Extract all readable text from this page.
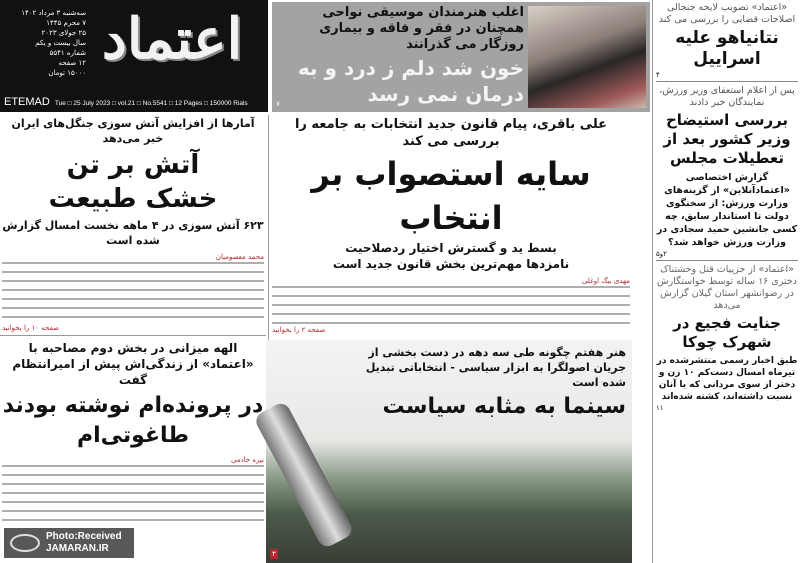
اعتماد
سه‌شنبه ۳ مرداد ۱۴۰۲
۷ محرم ۱۴۴۵
۲۵ جولای ۲۰۲۳
سال بیست و یکم
شماره ۵۵۴۱
۱۲ صفحه
۱۵۰۰۰ تومان
ETEMAD Tue □ 25 July 2023 □ vol.21 □ No.5541 □ 12 Pages □ 150000 Rials
اغلب هنرمندان موسیقی نواحی همچنان در فقر و فاقه و بیماری روزگار می گذرانند
خون شد دلم ز درد و به درمان نمی رسد
۷
«اعتماد» تصویب لایحه جنجالی اصلاحات قضایی را بررسی می کند
نتانیاهو علیه اسراییل
۴
پس از اعلام استعفای وزیر ورزش، نمایندگان خبر دادند
بررسی استیضاح وزیر کشور بعد از تعطیلات مجلس
گزارش اختصاصی «اعتمادآنلاین» از گزینه‌های وزارت ورزش: از سخنگوی دولت تا استاندار سابق، چه کسی جانشین حمید سجادی در وزارت ورزش خواهد شد؟
۲و۵
«اعتماد» از جزییات قتل وحشتناک دختری ۱۶ ساله توسط خواستگارش در رضوانشهر استان گیلان گزارش می‌دهد
جنایت فجیع در شهرک چوکا
طبق اخبار رسمی منتشرشده در تیرماه امسال دست‌کم ۱۰ زن و دختر از سوی مردانی که با آنان نسبت داشته‌اند، کشته شده‌اند
۱۱
علی باقری، پیام قانون جدید انتخابات به جامعه را بررسی می کند
سایه استصواب بر انتخاب
بسط ید و گسترش اختیار ردصلاحیت نامزدها مهم‌ترین بخش قانون جدید است
مهدی بیگ اوغلی
صفحه ۲ را بخوانید
آمارها از افزایش آتش سوزی جنگل‌های ایران خبر می‌دهد
آتش بر تن خشک طبیعت
۶۲۳ آتش سوزی در ۴ ماهه نخست امسال گزارش شده است
محمد معصومیان
صفحه ۱۰ را بخوانید
الهه میزانی در بخش دوم مصاحبه با «اعتماد» از زندگی‌اش پیش از امیرانتظام گفت
در پرونده‌ام نوشته بودند طاغوتی‌ام
نیره خادمی
هنر هفتم چگونه طی سه دهه در دست بخشی از جریان اصولگرا به ابزار سیاسی - انتخاباتی تبدیل شده است
سینما به مثابه سیاست
۳
Photo:Received
JAMARAN.IR
